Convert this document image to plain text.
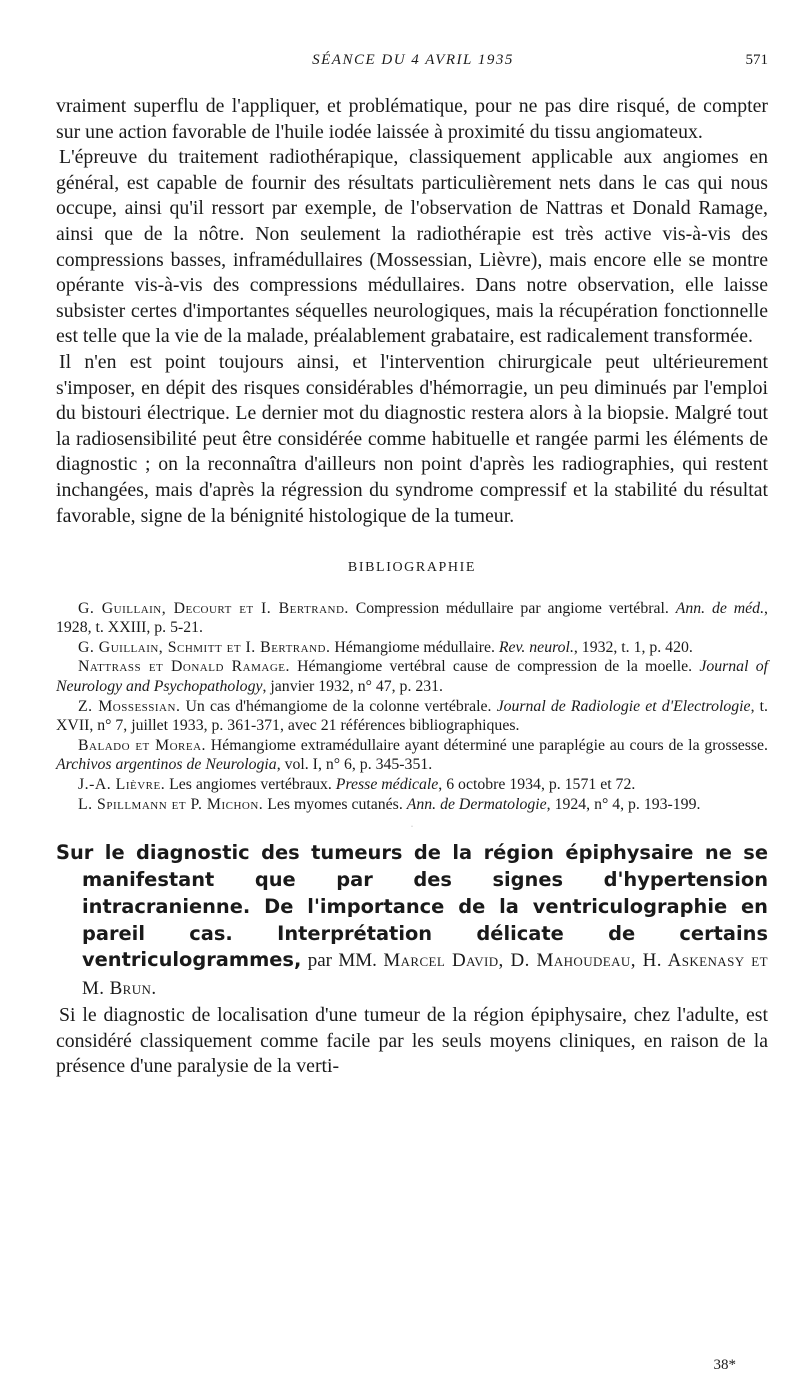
SÉANCE DU 4 AVRIL 1935	571

vraiment superflu de l'appliquer, et problématique, pour ne pas dire risqué, de compter sur une action favorable de l'huile iodée laissée à proximité du tissu angiomateux.

L'épreuve du traitement radiothérapique, classiquement applicable aux angiomes en général, est capable de fournir des résultats particulièrement nets dans le cas qui nous occupe, ainsi qu'il ressort par exemple, de l'observation de Nattras et Donald Ramage, ainsi que de la nôtre. Non seulement la radiothérapie est très active vis-à-vis des compressions basses, inframédullaires (Mossessian, Lièvre), mais encore elle se montre opérante vis-à-vis des compressions médullaires. Dans notre observation, elle laisse subsister certes d'importantes séquelles neurologiques, mais la récupération fonctionnelle est telle que la vie de la malade, préalablement grabataire, est radicalement transformée.

Il n'en est point toujours ainsi, et l'intervention chirurgicale peut ultérieurement s'imposer, en dépit des risques considérables d'hémorragie, un peu diminués par l'emploi du bistouri électrique. Le dernier mot du diagnostic restera alors à la biopsie. Malgré tout la radiosensibilité peut être considérée comme habituelle et rangée parmi les éléments de diagnostic ; on la reconnaîtra d'ailleurs non point d'après les radiographies, qui restent inchangées, mais d'après la régression du syndrome compressif et la stabilité du résultat favorable, signe de la bénignité histologique de la tumeur.

BIBLIOGRAPHIE

G. Guillain, Decourt et I. Bertrand. Compression médullaire par angiome vertébral. Ann. de méd., 1928, t. XXIII, p. 5-21.

G. Guillain, Schmitt et I. Bertrand. Hémangiome médullaire. Rev. neurol., 1932, t. 1, p. 420.

Nattrass et Donald Ramage. Hémangiome vertébral cause de compression de la moelle. Journal of Neurology and Psychopathology, janvier 1932, n° 47, p. 231.

Z. Mossessian. Un cas d'hémangiome de la colonne vertébrale. Journal de Radiologie et d'Electrologie, t. XVII, n° 7, juillet 1933, p. 361-371, avec 21 références bibliographiques.

Balado et Morea. Hémangiome extramédullaire ayant déterminé une paraplégie au cours de la grossesse. Archivos argentinos de Neurologia, vol. I, n° 6, p. 345-351.

J.-A. Lièvre. Les angiomes vertébraux. Presse médicale, 6 octobre 1934, p. 1571 et 72.

L. Spillmann et P. Michon. Les myomes cutanés. Ann. de Dermatologie, 1924, n° 4, p. 193-199.

Sur le diagnostic des tumeurs de la région épiphysaire ne se manifestant que par des signes d'hypertension intracranienne. De l'importance de la ventriculographie en pareil cas. Interprétation délicate de certains ventriculogrammes, par MM. Marcel David, D. Mahoudeau, H. Askenasy et M. Brun.

Si le diagnostic de localisation d'une tumeur de la région épiphysaire, chez l'adulte, est considéré classiquement comme facile par les seuls moyens cliniques, en raison de la présence d'une paralysie de la verti-

38*
